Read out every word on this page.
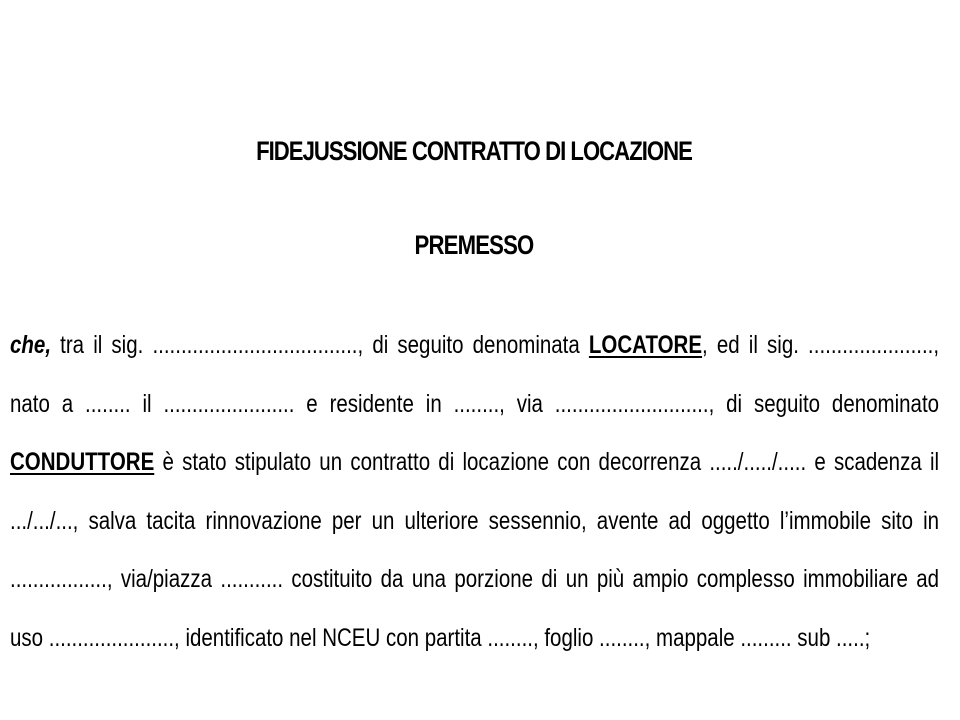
FIDEJUSSIONE CONTRATTO DI LOCAZIONE
PREMESSO
che, tra il sig. ...................................., di seguito denominata LOCATORE, ed il sig. ......................, nato a ........ il ....................... e residente in ........, via ..........................., di seguito denominato CONDUTTORE è stato stipulato un contratto di locazione con decorrenza ...../...../..... e scadenza il .../.../..., salva tacita rinnovazione per un ulteriore sessennio, avente ad oggetto l’immobile sito in ................., via/piazza ........... costituito da una porzione di un più ampio complesso immobiliare ad uso ......................, identificato nel NCEU con partita ........, foglio ........, mappale ......... sub .....;
